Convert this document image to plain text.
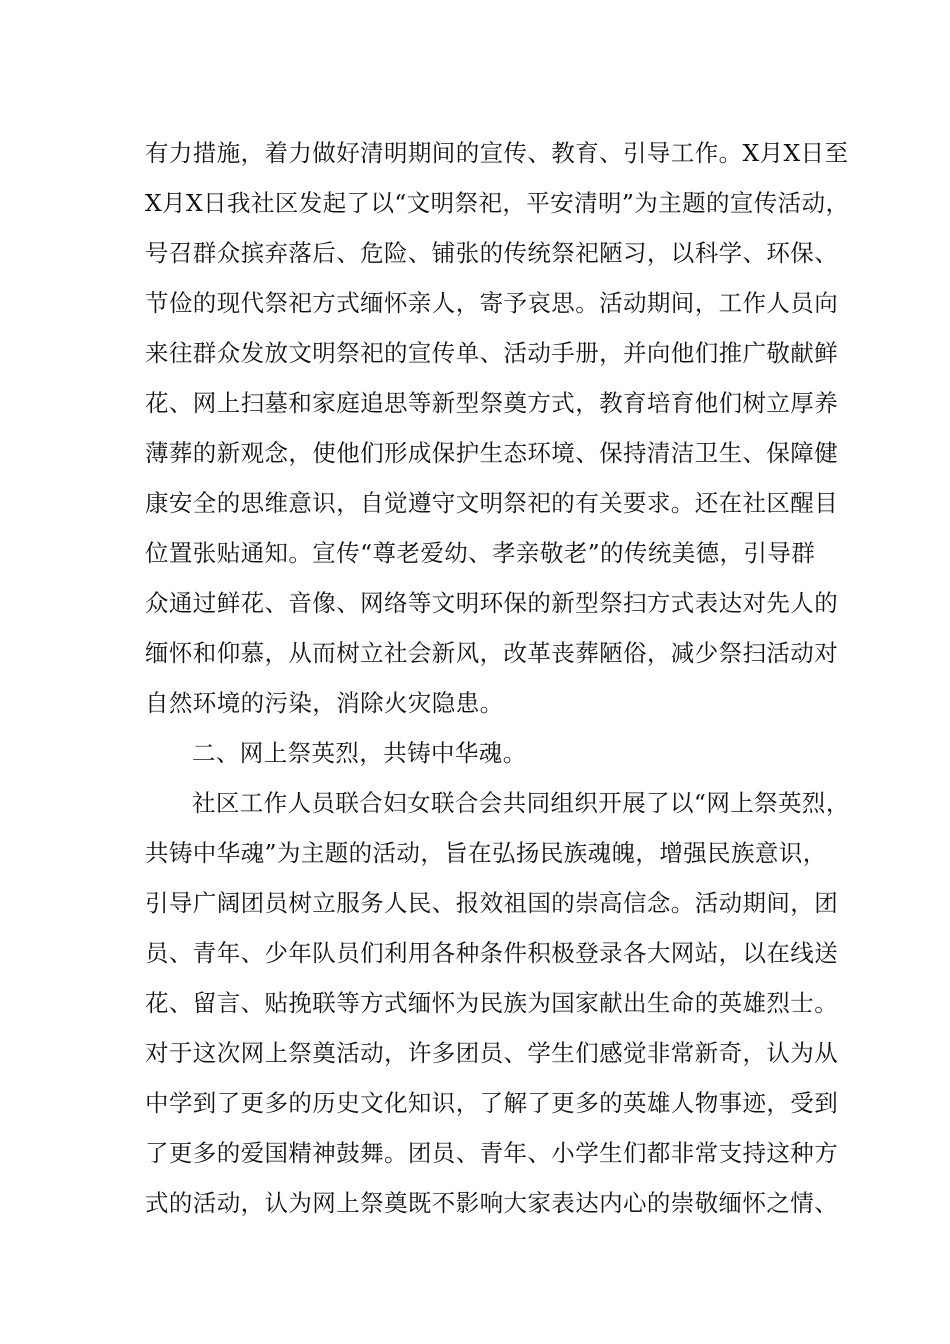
有力措施，着力做好清明期间的宣传、教育、引导工作。X月X日至
X月X日我社区发起了以“文明祭祀，平安清明”为主题的宣传活动，
号召群众摈弃落后、危险、铺张的传统祭祀陋习，以科学、环保、
节俭的现代祭祀方式缅怀亲人，寄予哀思。活动期间，工作人员向
来往群众发放文明祭祀的宣传单、活动手册，并向他们推广敬献鲜
花、网上扫墓和家庭追思等新型祭奠方式，教育培育他们树立厚养
薄葬的新观念，使他们形成保护生态环境、保持清洁卫生、保障健
康安全的思维意识，自觉遵守文明祭祀的有关要求。还在社区醒目
位置张贴通知。宣传“尊老爱幼、孝亲敬老”的传统美德，引导群
众通过鲜花、音像、网络等文明环保的新型祭扫方式表达对先人的
缅怀和仰慕，从而树立社会新风，改革丧葬陋俗，减少祭扫活动对
自然环境的污染，消除火灾隐患。
二、网上祭英烈，共铸中华魂。
社区工作人员联合妇女联合会共同组织开展了以“网上祭英烈，
共铸中华魂”为主题的活动，旨在弘扬民族魂魄，增强民族意识，
引导广阔团员树立服务人民、报效祖国的崇高信念。活动期间，团
员、青年、少年队员们利用各种条件积极登录各大网站，以在线送
花、留言、贴挽联等方式缅怀为民族为国家献出生命的英雄烈士。
对于这次网上祭奠活动，许多团员、学生们感觉非常新奇，认为从
中学到了更多的历史文化知识，了解了更多的英雄人物事迹，受到
了更多的爱国精神鼓舞。团员、青年、小学生们都非常支持这种方
式的活动，认为网上祭奠既不影响大家表达内心的崇敬缅怀之情、
